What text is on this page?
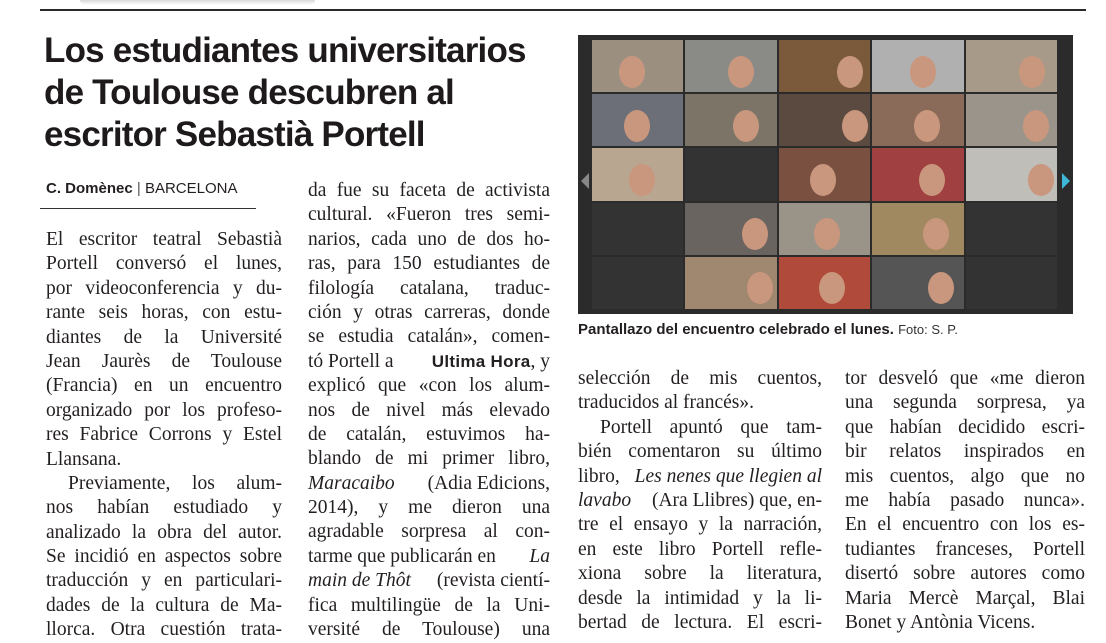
Los estudiantes universitarios
de Toulouse descubren al
escritor Sebastià Portell
C. Domènec | BARCELONA
El escritor teatral Sebastià
Portell conversó el lunes,
por videoconferencia y du-
rante seis horas, con estu-
diantes de la Université
Jean Jaurès de Toulouse
(Francia) en un encuentro
organizado por los profeso-
res Fabrice Corrons y Estel
Llansana.
Previamente, los alum-
nos habían estudiado y
analizado la obra del autor.
Se incidió en aspectos sobre
traducción y en particulari-
dades de la cultura de Ma-
llorca. Otra cuestión trata-
da fue su faceta de activista
cultural. «Fueron tres semi-
narios, cada uno de dos ho-
ras, para 150 estudiantes de
filología catalana, traduc-
ción y otras carreras, donde
se estudia catalán», comen-
tó Portell a Ultima Hora, y
explicó que «con los alum-
nos de nivel más elevado
de catalán, estuvimos ha-
blando de mi primer libro,
Maracaibo (Adia Edicions,
2014), y me dieron una
agradable sorpresa al con-
tarme que publicarán en La
main de Thôt (revista cientí-
fica multilingüe de la Uni-
versité de Toulouse) una
Pantallazo del encuentro celebrado el lunes. Foto: S. P.
selección de mis cuentos,
traducidos al francés».
Portell apuntó que tam-
bién comentaron su último
libro, Les nenes que llegien al
lavabo (Ara Llibres) que, en-
tre el ensayo y la narración,
en este libro Portell refle-
xiona sobre la literatura,
desde la intimidad y la li-
bertad de lectura. El escri-
tor desveló que «me dieron
una segunda sorpresa, ya
que habían decidido escri-
bir relatos inspirados en
mis cuentos, algo que no
me había pasado nunca».
En el encuentro con los es-
tudiantes franceses, Portell
disertó sobre autores como
Maria Mercè Marçal, Blai
Bonet y Antònia Vicens.
